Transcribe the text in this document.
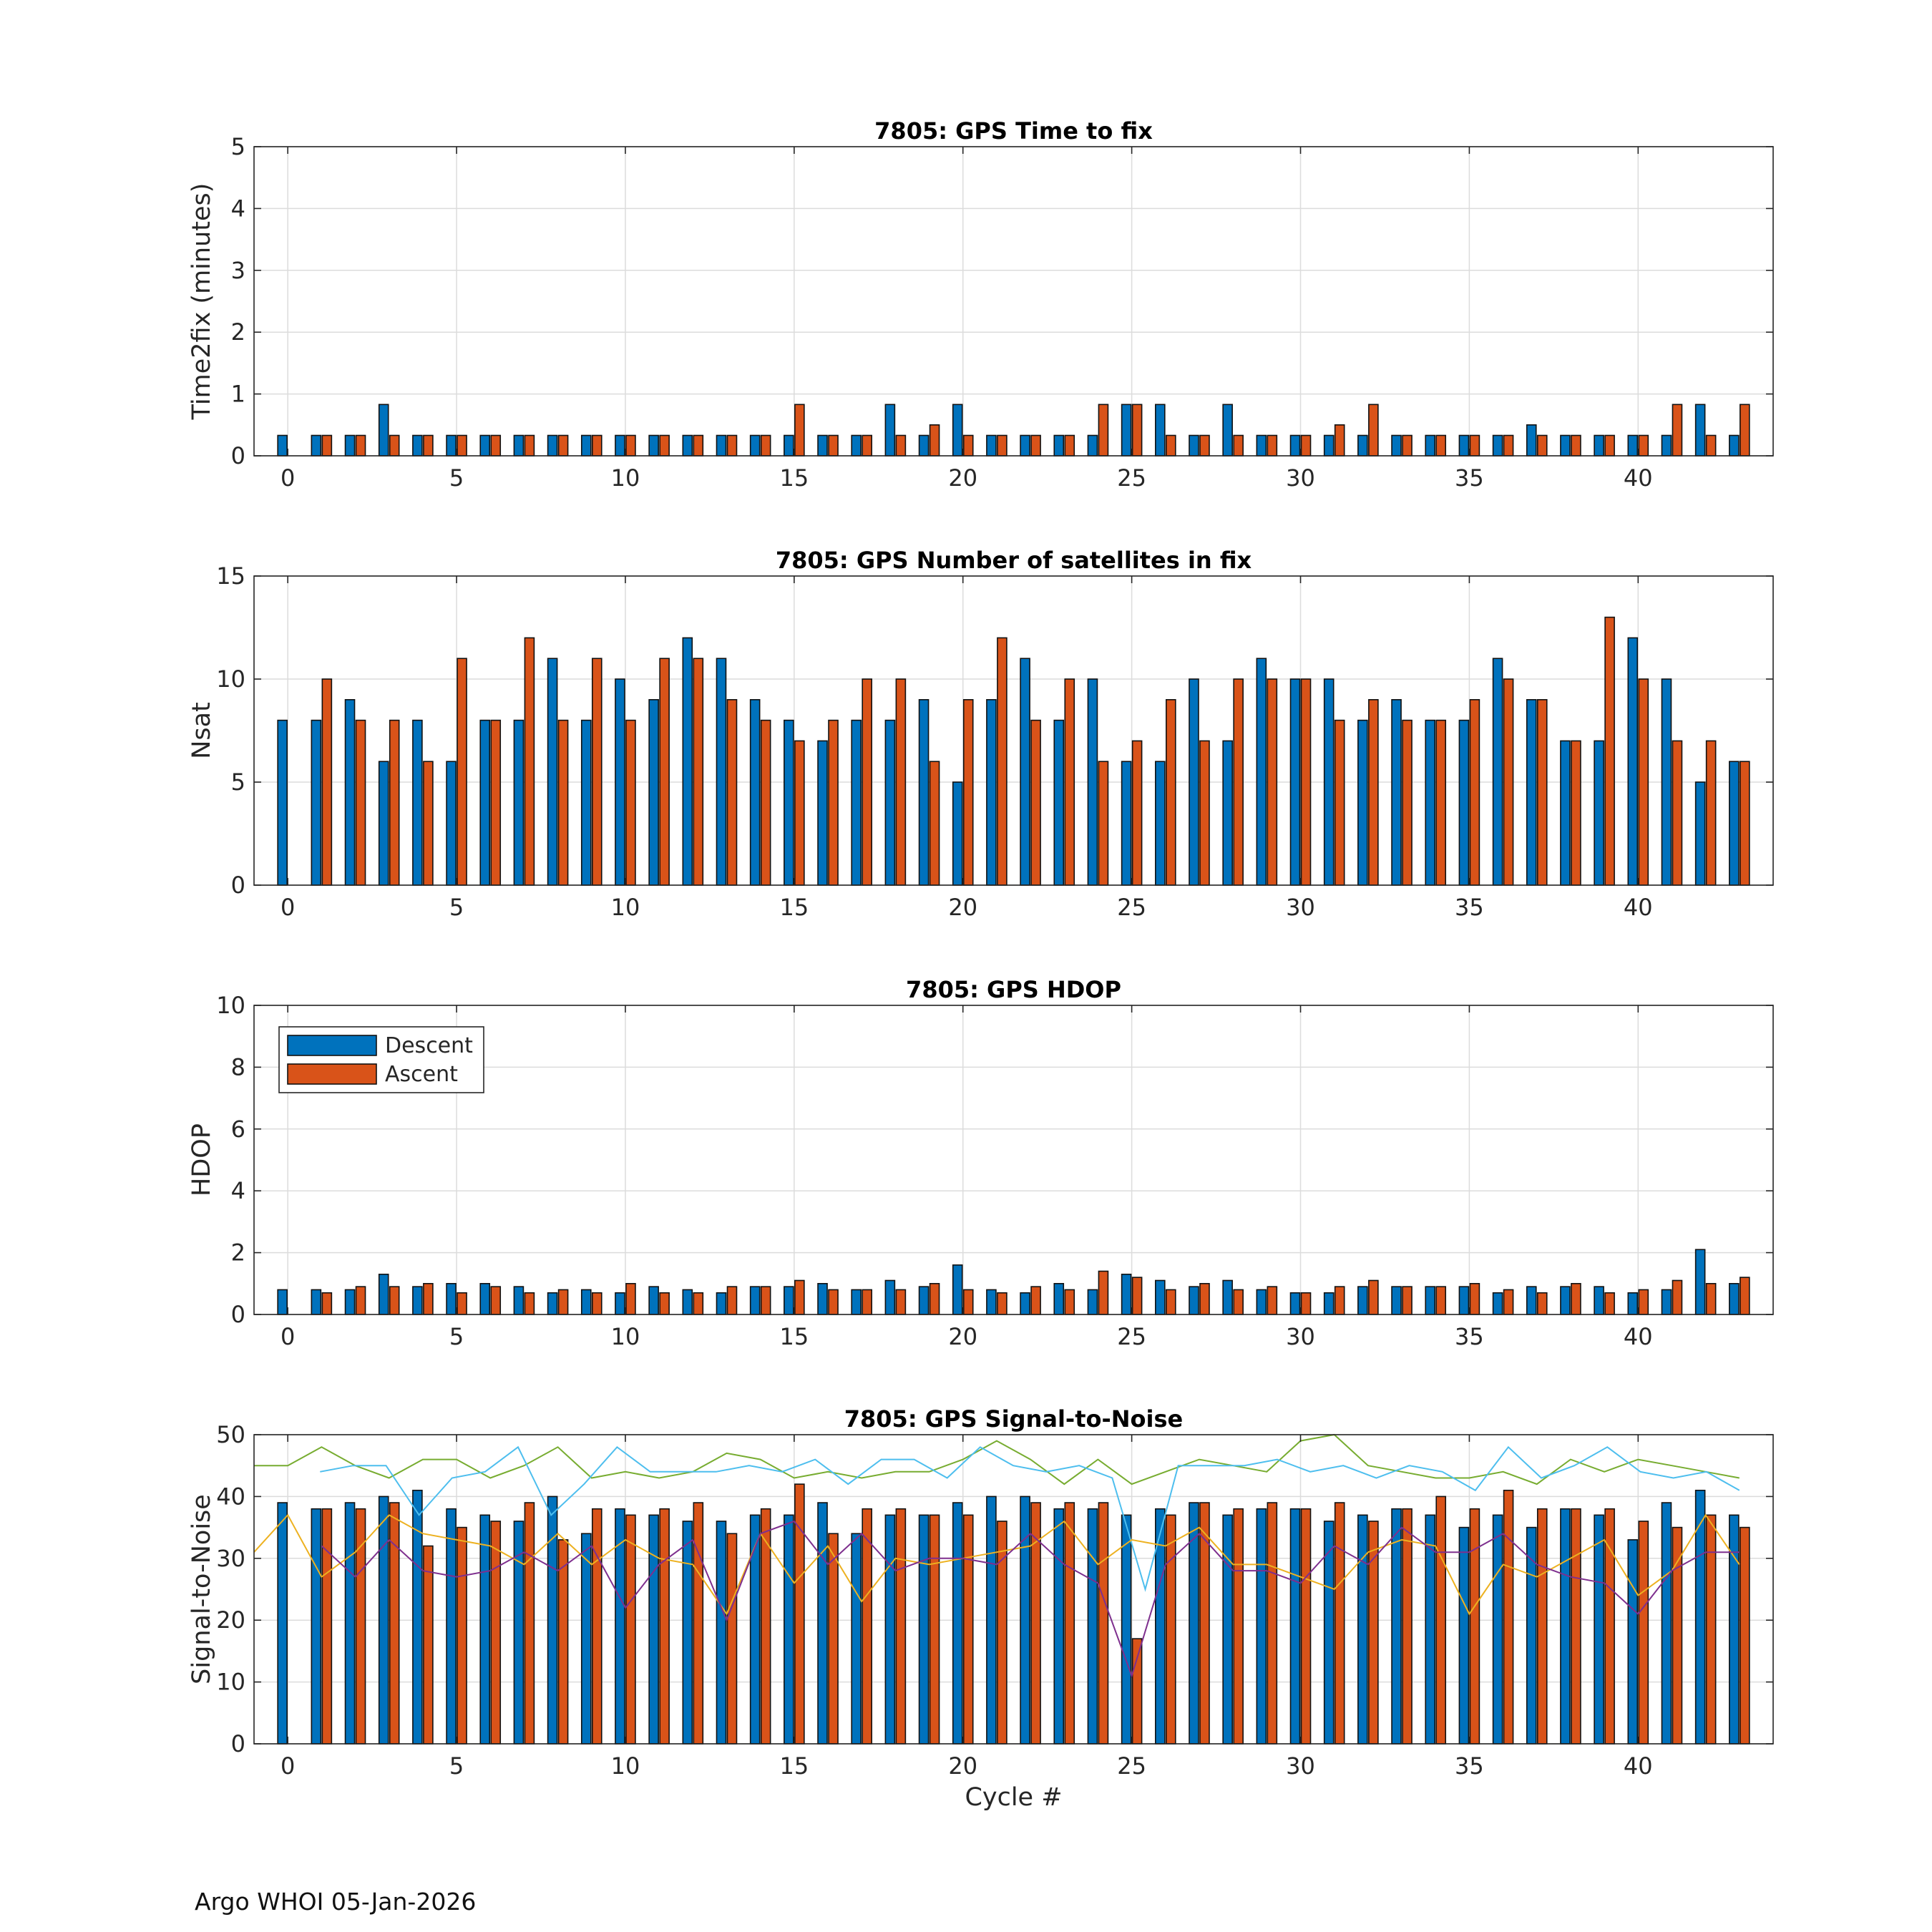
0	5	10	15	20	25	30	35	40
0
1
2
3
4
5
7805: GPS Time to fix
Time2fix (minutes)
0	5	10	15	20	25	30	35	40
0
5
10
15
7805: GPS Number of satellites in fix
Nsat
0	5	10	15	20	25	30	35	40
0
2
4
6
8
10
7805: GPS HDOP
HDOP
Descent
Ascent
0	5	10	15	20	25	30	35	40
0
10
20
30
40
50
7805: GPS Signal-to-Noise
Signal-to-Noise
Cycle #
Argo WHOI 05-Jan-2026
